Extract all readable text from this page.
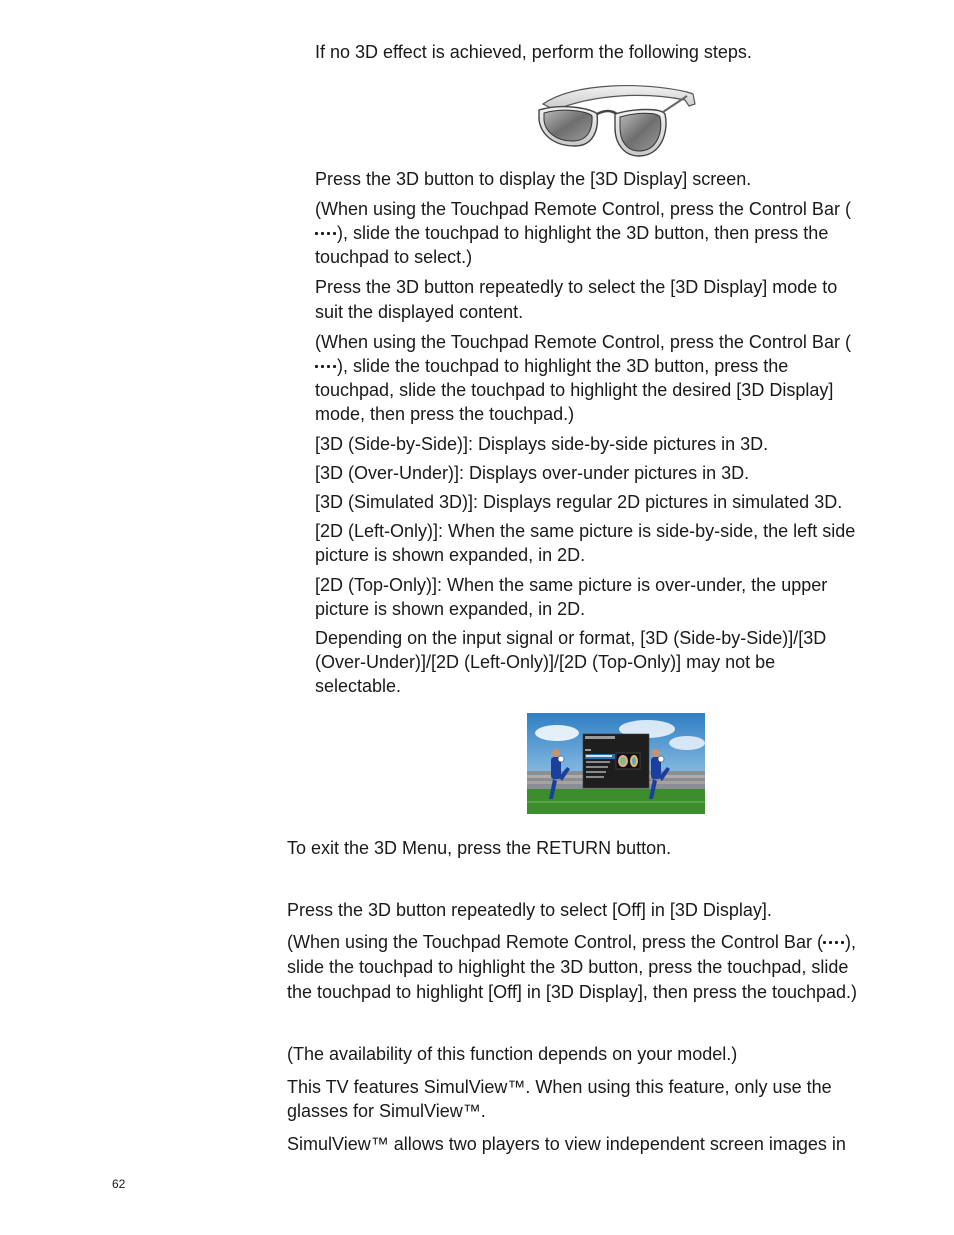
If no 3D effect is achieved, perform the following steps.

Press the 3D button to display the [3D Display] screen.

(When using the Touchpad Remote Control, press the Control Bar (

), slide the touchpad to highlight the 3D button, then press the
touchpad to select.)

Press the 3D button repeatedly to select the [3D Display] mode to
suit the displayed content.

(When using the Touchpad Remote Control, press the Control Bar (

), slide the touchpad to highlight the 3D button, press the
touchpad, slide the touchpad to highlight the desired [3D Display]
mode, then press the touchpad.)

[3D (Side-by-Side)]: Displays side-by-side pictures in 3D.

[3D (Over-Under)]: Displays over-under pictures in 3D.

[3D (Simulated 3D)]: Displays regular 2D pictures in simulated 3D.

[2D (Left-Only)]: When the same picture is side-by-side, the left side
picture is shown expanded, in 2D.

[2D (Top-Only)]: When the same picture is over-under, the upper
picture is shown expanded, in 2D.

Depending on the input signal or format, [3D (Side-by-Side)]/[3D
(Over-Under)]/[2D (Left-Only)]/[2D (Top-Only)] may not be
selectable.

To exit the 3D Menu, press the RETURN button.

Press the 3D button repeatedly to select [Off] in [3D Display].

(When using the Touchpad Remote Control, press the Control Bar ( ),
slide the touchpad to highlight the 3D button, press the touchpad, slide
the touchpad to highlight [Off] in [3D Display], then press the touchpad.)

(The availability of this function depends on your model.)

This TV features SimulView™. When using this feature, only use the
glasses for SimulView™.

SimulView™ allows two players to view independent screen images in

62
